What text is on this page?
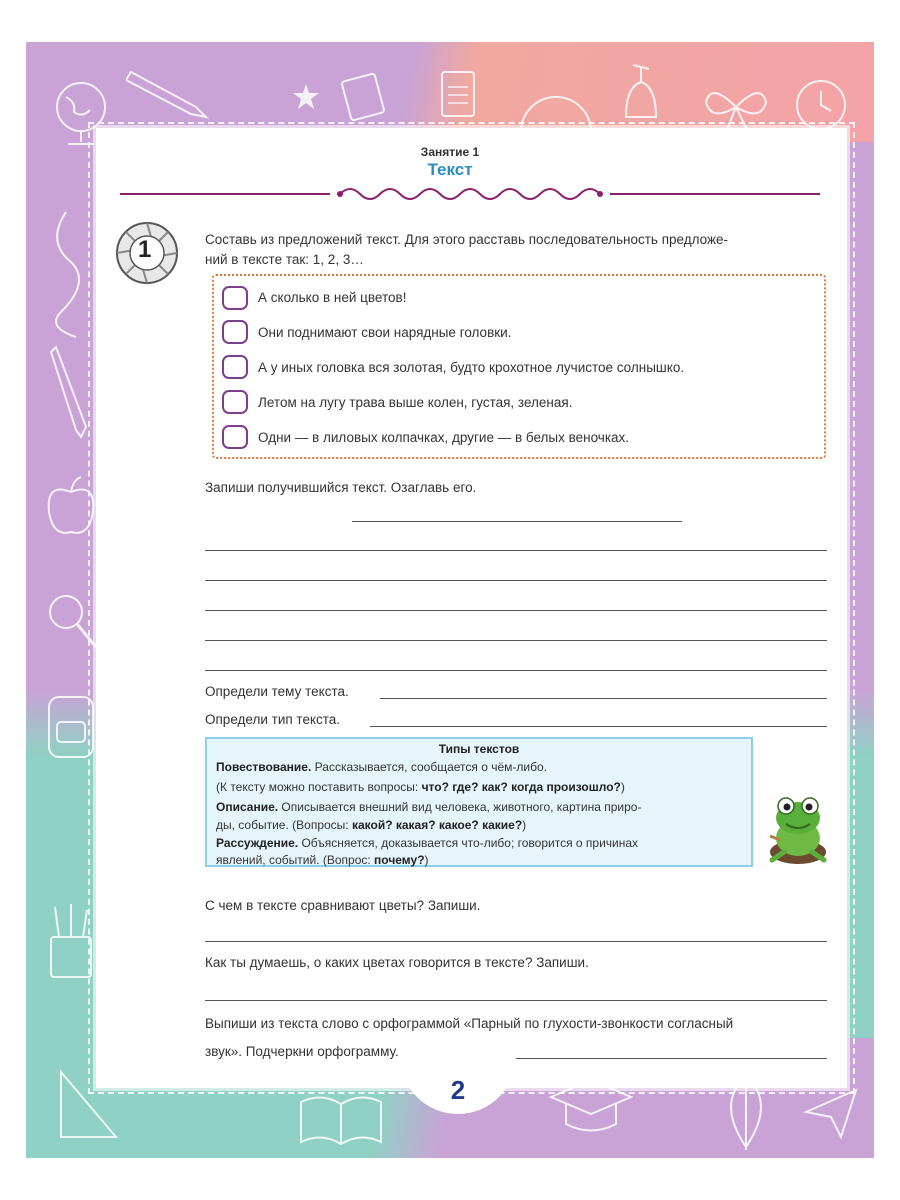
Занятие 1
Текст
1	Составь из предложений текст. Для этого расставь последовательность предложе-
ний в тексте так: 1, 2, 3…
А сколько в ней цветов!
Они поднимают свои нарядные головки.
А у иных головка вся золотая, будто крохотное лучистое солнышко.
Летом на лугу трава выше колен, густая, зеленая.
Одни — в лиловых колпачках, другие — в белых веночках.
Запиши получившийся текст. Озаглавь его.
Определи тему текста.
Определи тип текста.
Типы текстов
Повествование. Рассказывается, сообщается о чём-либо.
(К тексту можно поставить вопросы: что? где? как? когда произошло?)
Описание. Описывается внешний вид человека, животного, картина приро-
ды, событие. (Вопросы: какой? какая? какое? какие?)
Рассуждение. Объясняется, доказывается что-либо; говорится о причинах
явлений, событий. (Вопрос: почему?)
С чем в тексте сравнивают цветы? Запиши.
Как ты думаешь, о каких цветах говорится в тексте? Запиши.
Выпиши из текста слово с орфограммой «Парный по глухости-звонкости согласный
звук». Подчеркни орфограмму.
2
